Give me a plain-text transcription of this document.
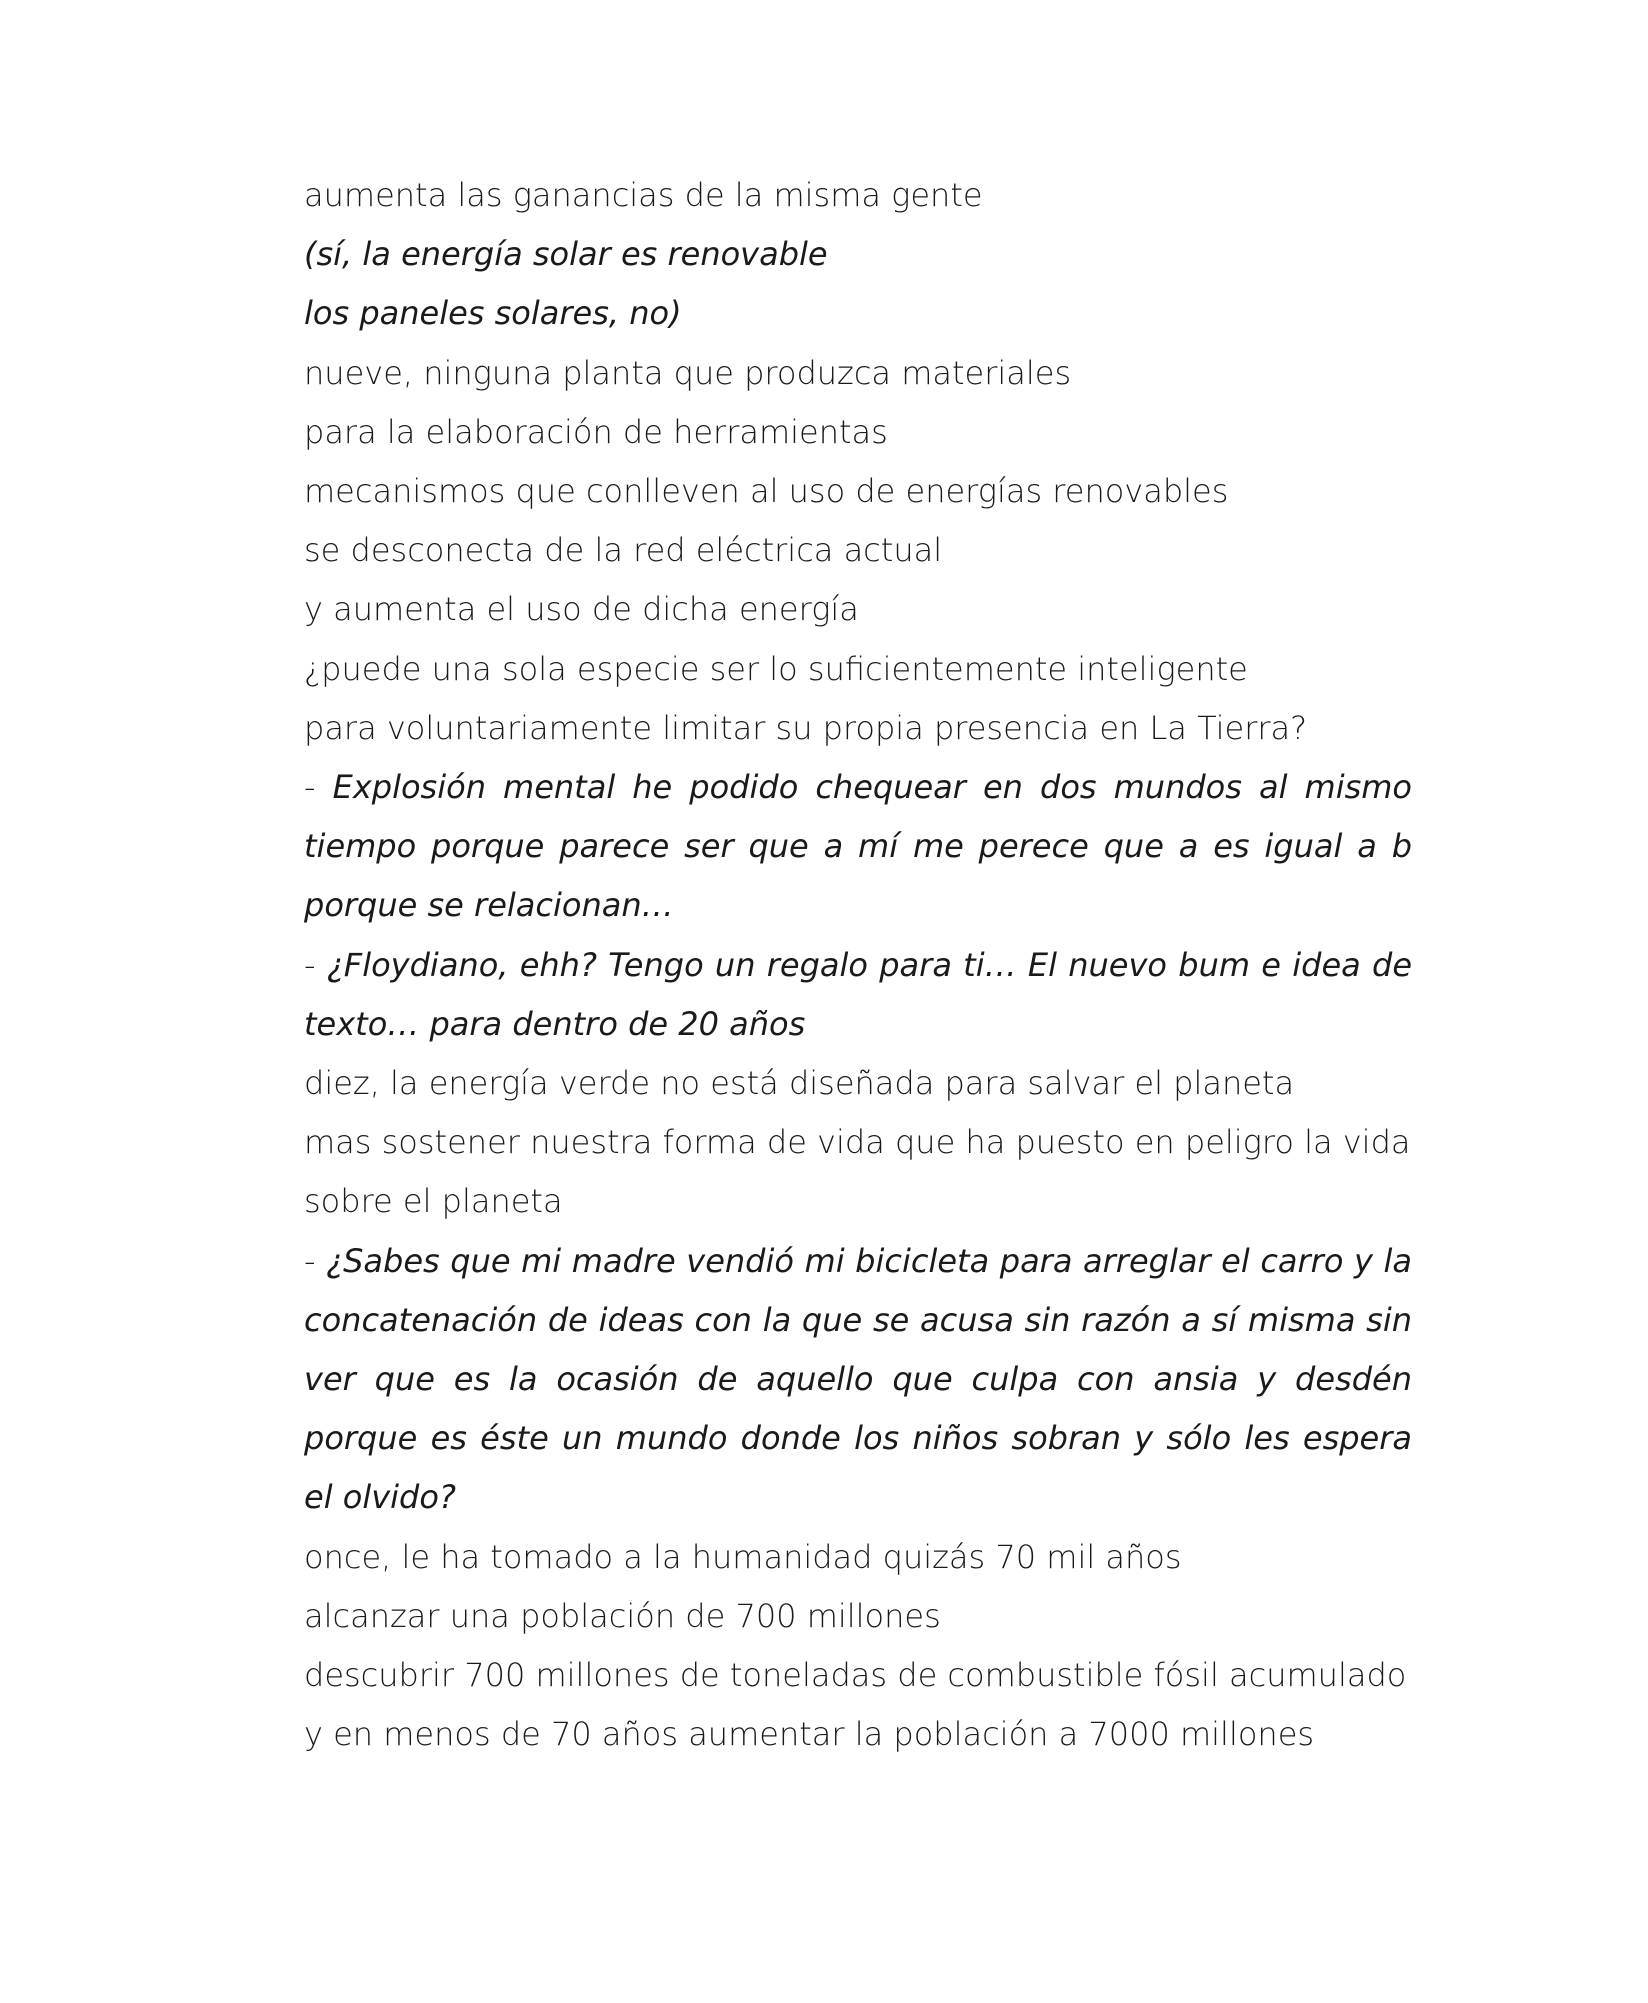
aumenta las ganancias de la misma gente
(sí, la energía solar es renovable
los paneles solares, no)
nueve, ninguna planta que produzca materiales
para la elaboración de herramientas
mecanismos que conlleven al uso de energías renovables
se desconecta de la red eléctrica actual
y aumenta el uso de dicha energía
¿puede una sola especie ser lo suficientemente inteligente
para voluntariamente limitar su propia presencia en La Tierra?

- Explosión mental he podido chequear en dos mundos al mismo tiempo porque parece ser que a mí me perece que a es igual a b porque se relacionan…

- ¿Floydiano, ehh? Tengo un regalo para ti… El nuevo bum e idea de texto… para dentro de 20 años

diez, la energía verde no está diseñada para salvar el planeta
mas sostener nuestra forma de vida que ha puesto en peligro la vida
sobre el planeta

- ¿Sabes que mi madre vendió mi bicicleta para arreglar el carro y la concatenación de ideas con la que se acusa sin razón a sí misma sin ver que es la ocasión de aquello que culpa con ansia y desdén porque es éste un mundo donde los niños sobran y sólo les espera el olvido?

once, le ha tomado a la humanidad quizás 70 mil años
alcanzar una población de 700 millones
descubrir 700 millones de toneladas de combustible fósil acumulado
y en menos de 70 años aumentar la población a 7000 millones
